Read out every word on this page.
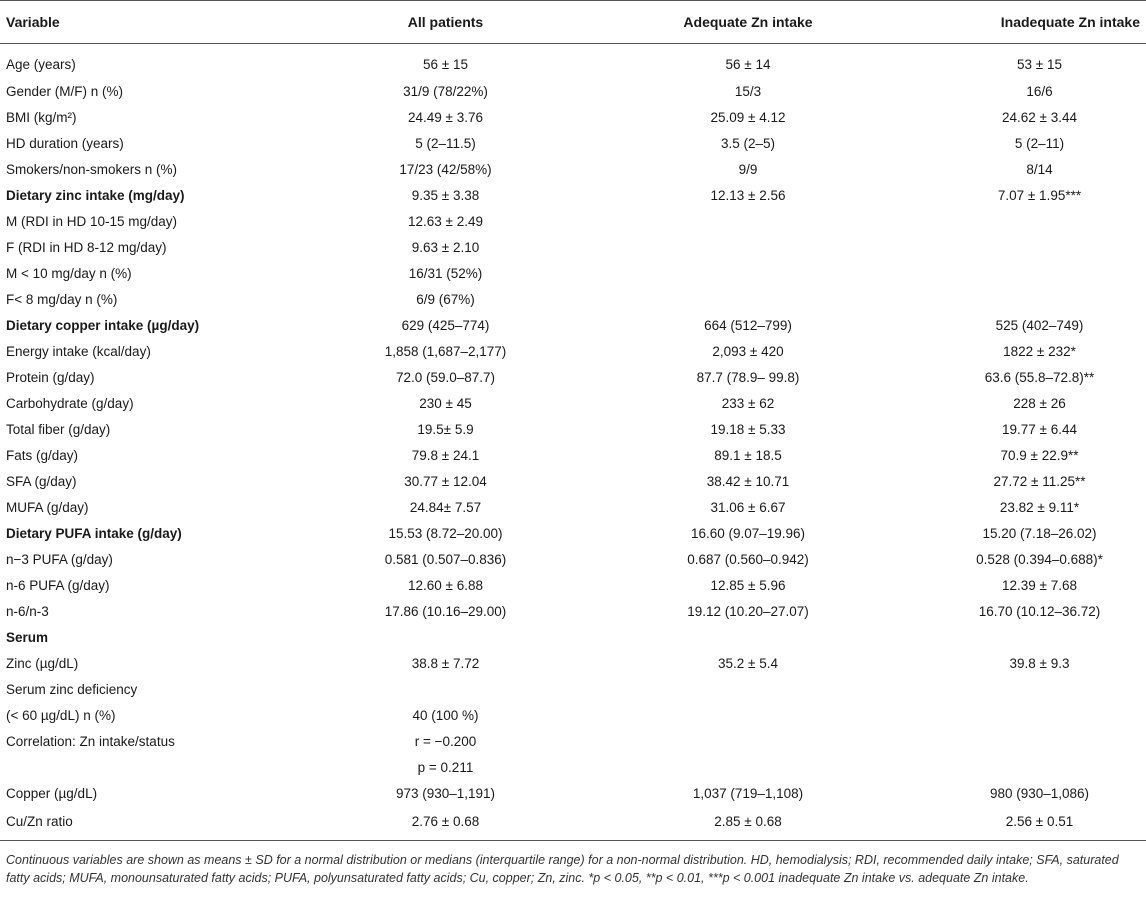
Variable	All patients	Adequate Zn intake	Inadequate Zn intake
Age (years)	56 ± 15	56 ± 14	53 ± 15
Gender (M/F) n (%)	31/9 (78/22%)	15/3	16/6
BMI (kg/m²)	24.49 ± 3.76	25.09 ± 4.12	24.62 ± 3.44
HD duration (years)	5 (2–11.5)	3.5 (2–5)	5 (2–11)
Smokers/non-smokers n (%)	17/23 (42/58%)	9/9	8/14
Dietary zinc intake (mg/day)	9.35 ± 3.38	12.13 ± 2.56	7.07 ± 1.95***
M (RDI in HD 10-15 mg/day)	12.63 ± 2.49		
F (RDI in HD 8-12 mg/day)	9.63 ± 2.10		
M < 10 mg/day n (%)	16/31 (52%)		
F< 8 mg/day n (%)	6/9 (67%)		
Dietary copper intake (µg/day)	629 (425–774)	664 (512–799)	525 (402–749)
Energy intake (kcal/day)	1,858 (1,687–2,177)	2,093 ± 420	1822 ± 232*
Protein (g/day)	72.0 (59.0–87.7)	87.7 (78.9– 99.8)	63.6 (55.8–72.8)**
Carbohydrate (g/day)	230 ± 45	233 ± 62	228 ± 26
Total fiber (g/day)	19.5± 5.9	19.18 ± 5.33	19.77 ± 6.44
Fats (g/day)	79.8 ± 24.1	89.1 ± 18.5	70.9 ± 22.9**
SFA (g/day)	30.77 ± 12.04	38.42 ± 10.71	27.72 ± 11.25**
MUFA (g/day)	24.84± 7.57	31.06 ± 6.67	23.82 ± 9.11*
Dietary PUFA intake (g/day)	15.53 (8.72–20.00)	16.60 (9.07–19.96)	15.20 (7.18–26.02)
n−3 PUFA (g/day)	0.581 (0.507–0.836)	0.687 (0.560–0.942)	0.528 (0.394–0.688)*
n-6 PUFA (g/day)	12.60 ± 6.88	12.85 ± 5.96	12.39 ± 7.68
n-6/n-3	17.86 (10.16–29.00)	19.12 (10.20–27.07)	16.70 (10.12–36.72)
Serum			
Zinc (µg/dL)	38.8 ± 7.72	35.2 ± 5.4	39.8 ± 9.3
Serum zinc deficiency			
(< 60 µg/dL) n (%)	40 (100 %)		
Correlation: Zn intake/status	r = −0.200		
	p = 0.211		
Copper (µg/dL)	973 (930–1,191)	1,037 (719–1,108)	980 (930–1,086)
Cu/Zn ratio	2.76 ± 0.68	2.85 ± 0.68	2.56 ± 0.51
Continuous variables are shown as means ± SD for a normal distribution or medians (interquartile range) for a non-normal distribution. HD, hemodialysis; RDI, recommended daily intake; SFA, saturated fatty acids; MUFA, monounsaturated fatty acids; PUFA, polyunsaturated fatty acids; Cu, copper; Zn, zinc. *p < 0.05, **p < 0.01, ***p < 0.001 inadequate Zn intake vs. adequate Zn intake.
